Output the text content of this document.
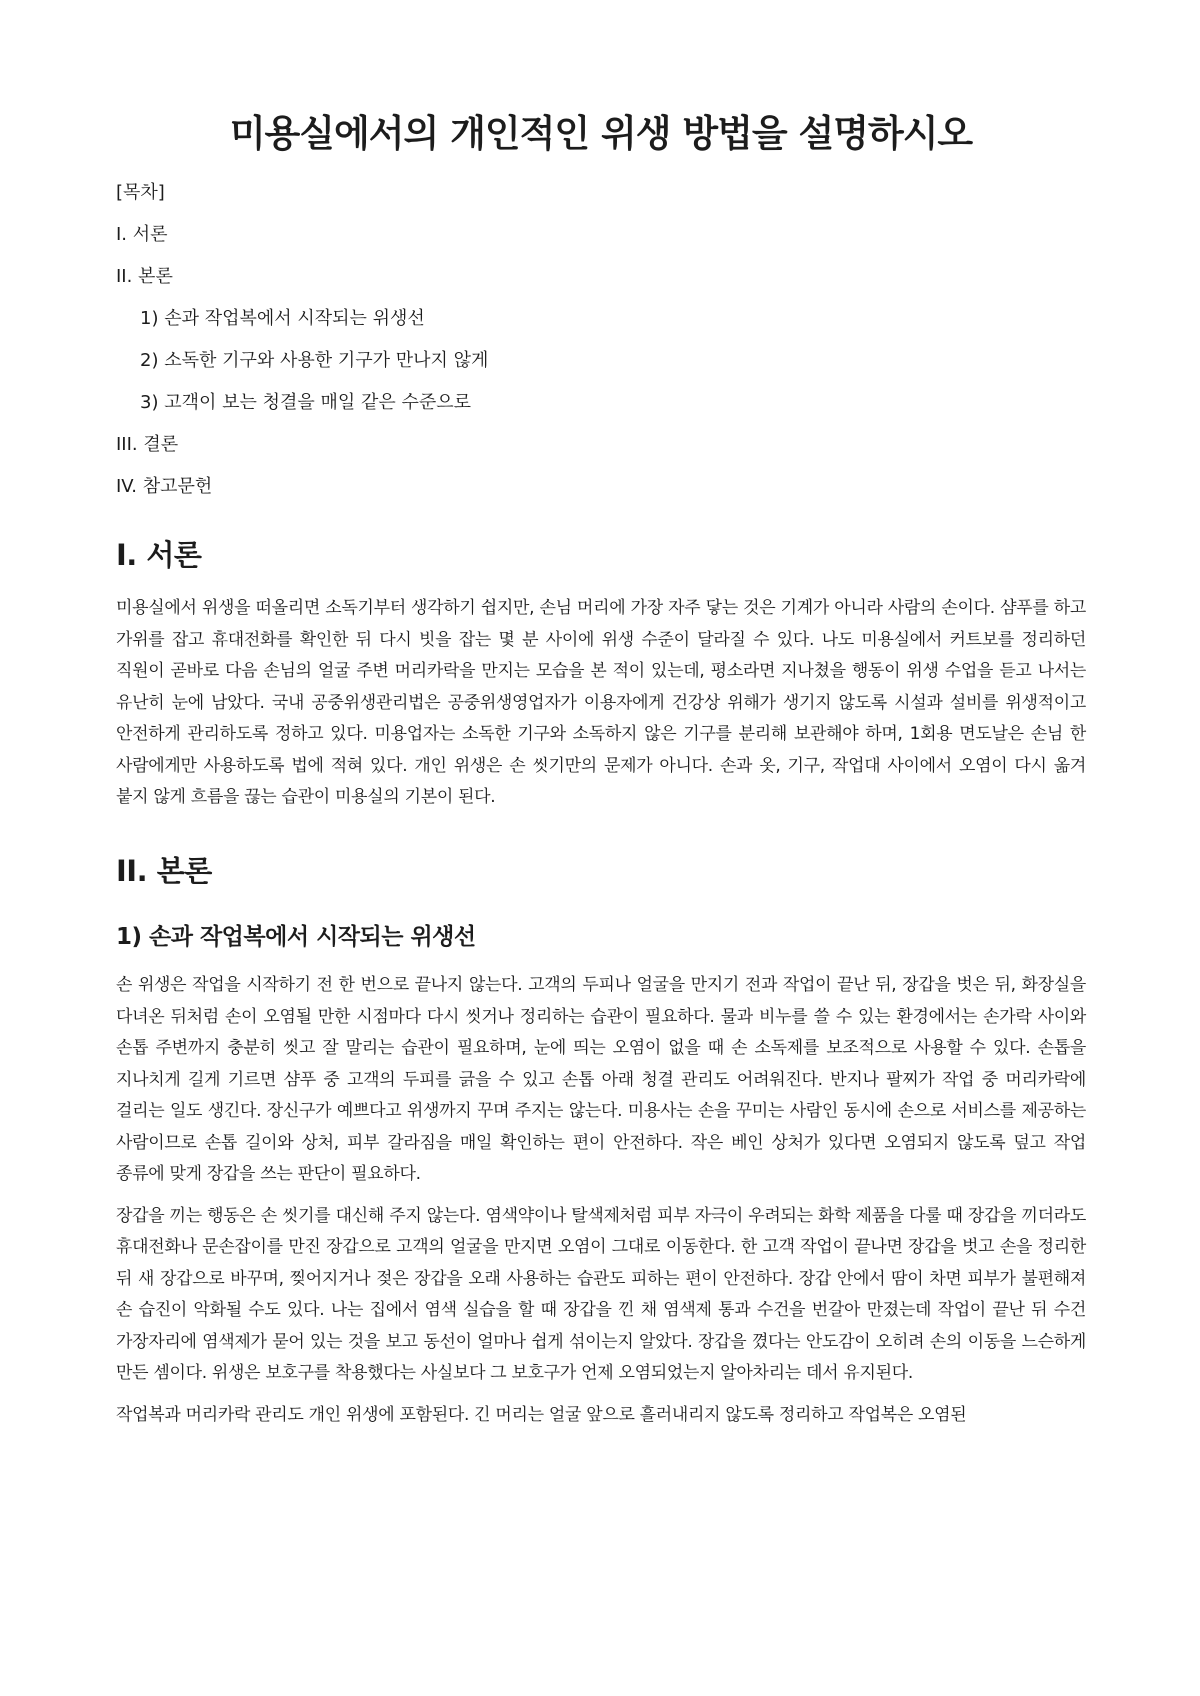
미용실에서의 개인적인 위생 방법을 설명하시오
[목차]
I. 서론
II. 본론
1) 손과 작업복에서 시작되는 위생선
2) 소독한 기구와 사용한 기구가 만나지 않게
3) 고객이 보는 청결을 매일 같은 수준으로
III. 결론
IV. 참고문헌
I. 서론

미용실에서 위생을 떠올리면 소독기부터 생각하기 쉽지만, 손님 머리에 가장 자주 닿는 것은 기계가 아니라 사람의 손이다. 샴푸를 하고 가위를 잡고 휴대전화를 확인한 뒤 다시 빗을 잡는 몇 분 사이에 위생 수준이 달라질 수 있다. 나도 미용실에서 커트보를 정리하던 직원이 곧바로 다음 손님의 얼굴 주변 머리카락을 만지는 모습을 본 적이 있는데, 평소라면 지나쳤을 행동이 위생 수업을 듣고 나서는 유난히 눈에 남았다. 국내 공중위생관리법은 공중위생영업자가 이용자에게 건강상 위해가 생기지 않도록 시설과 설비를 위생적이고 안전하게 관리하도록 정하고 있다. 미용업자는 소독한 기구와 소독하지 않은 기구를 분리해 보관해야 하며, 1회용 면도날은 손님 한 사람에게만 사용하도록 법에 적혀 있다. 개인 위생은 손 씻기만의 문제가 아니다. 손과 옷, 기구, 작업대 사이에서 오염이 다시 옮겨 붙지 않게 흐름을 끊는 습관이 미용실의 기본이 된다.

II. 본론
1) 손과 작업복에서 시작되는 위생선

손 위생은 작업을 시작하기 전 한 번으로 끝나지 않는다. 고객의 두피나 얼굴을 만지기 전과 작업이 끝난 뒤, 장갑을 벗은 뒤, 화장실을 다녀온 뒤처럼 손이 오염될 만한 시점마다 다시 씻거나 정리하는 습관이 필요하다. 물과 비누를 쓸 수 있는 환경에서는 손가락 사이와 손톱 주변까지 충분히 씻고 잘 말리는 습관이 필요하며, 눈에 띄는 오염이 없을 때 손 소독제를 보조적으로 사용할 수 있다. 손톱을 지나치게 길게 기르면 샴푸 중 고객의 두피를 긁을 수 있고 손톱 아래 청결 관리도 어려워진다. 반지나 팔찌가 작업 중 머리카락에 걸리는 일도 생긴다. 장신구가 예쁘다고 위생까지 꾸며 주지는 않는다. 미용사는 손을 꾸미는 사람인 동시에 손으로 서비스를 제공하는 사람이므로 손톱 길이와 상처, 피부 갈라짐을 매일 확인하는 편이 안전하다. 작은 베인 상처가 있다면 오염되지 않도록 덮고 작업 종류에 맞게 장갑을 쓰는 판단이 필요하다.

장갑을 끼는 행동은 손 씻기를 대신해 주지 않는다. 염색약이나 탈색제처럼 피부 자극이 우려되는 화학 제품을 다룰 때 장갑을 끼더라도 휴대전화나 문손잡이를 만진 장갑으로 고객의 얼굴을 만지면 오염이 그대로 이동한다. 한 고객 작업이 끝나면 장갑을 벗고 손을 정리한 뒤 새 장갑으로 바꾸며, 찢어지거나 젖은 장갑을 오래 사용하는 습관도 피하는 편이 안전하다. 장갑 안에서 땀이 차면 피부가 불편해져 손 습진이 악화될 수도 있다. 나는 집에서 염색 실습을 할 때 장갑을 낀 채 염색제 통과 수건을 번갈아 만졌는데 작업이 끝난 뒤 수건 가장자리에 염색제가 묻어 있는 것을 보고 동선이 얼마나 쉽게 섞이는지 알았다. 장갑을 꼈다는 안도감이 오히려 손의 이동을 느슨하게 만든 셈이다. 위생은 보호구를 착용했다는 사실보다 그 보호구가 언제 오염되었는지 알아차리는 데서 유지된다.

작업복과 머리카락 관리도 개인 위생에 포함된다. 긴 머리는 얼굴 앞으로 흘러내리지 않도록 정리하고 작업복은 오염된
